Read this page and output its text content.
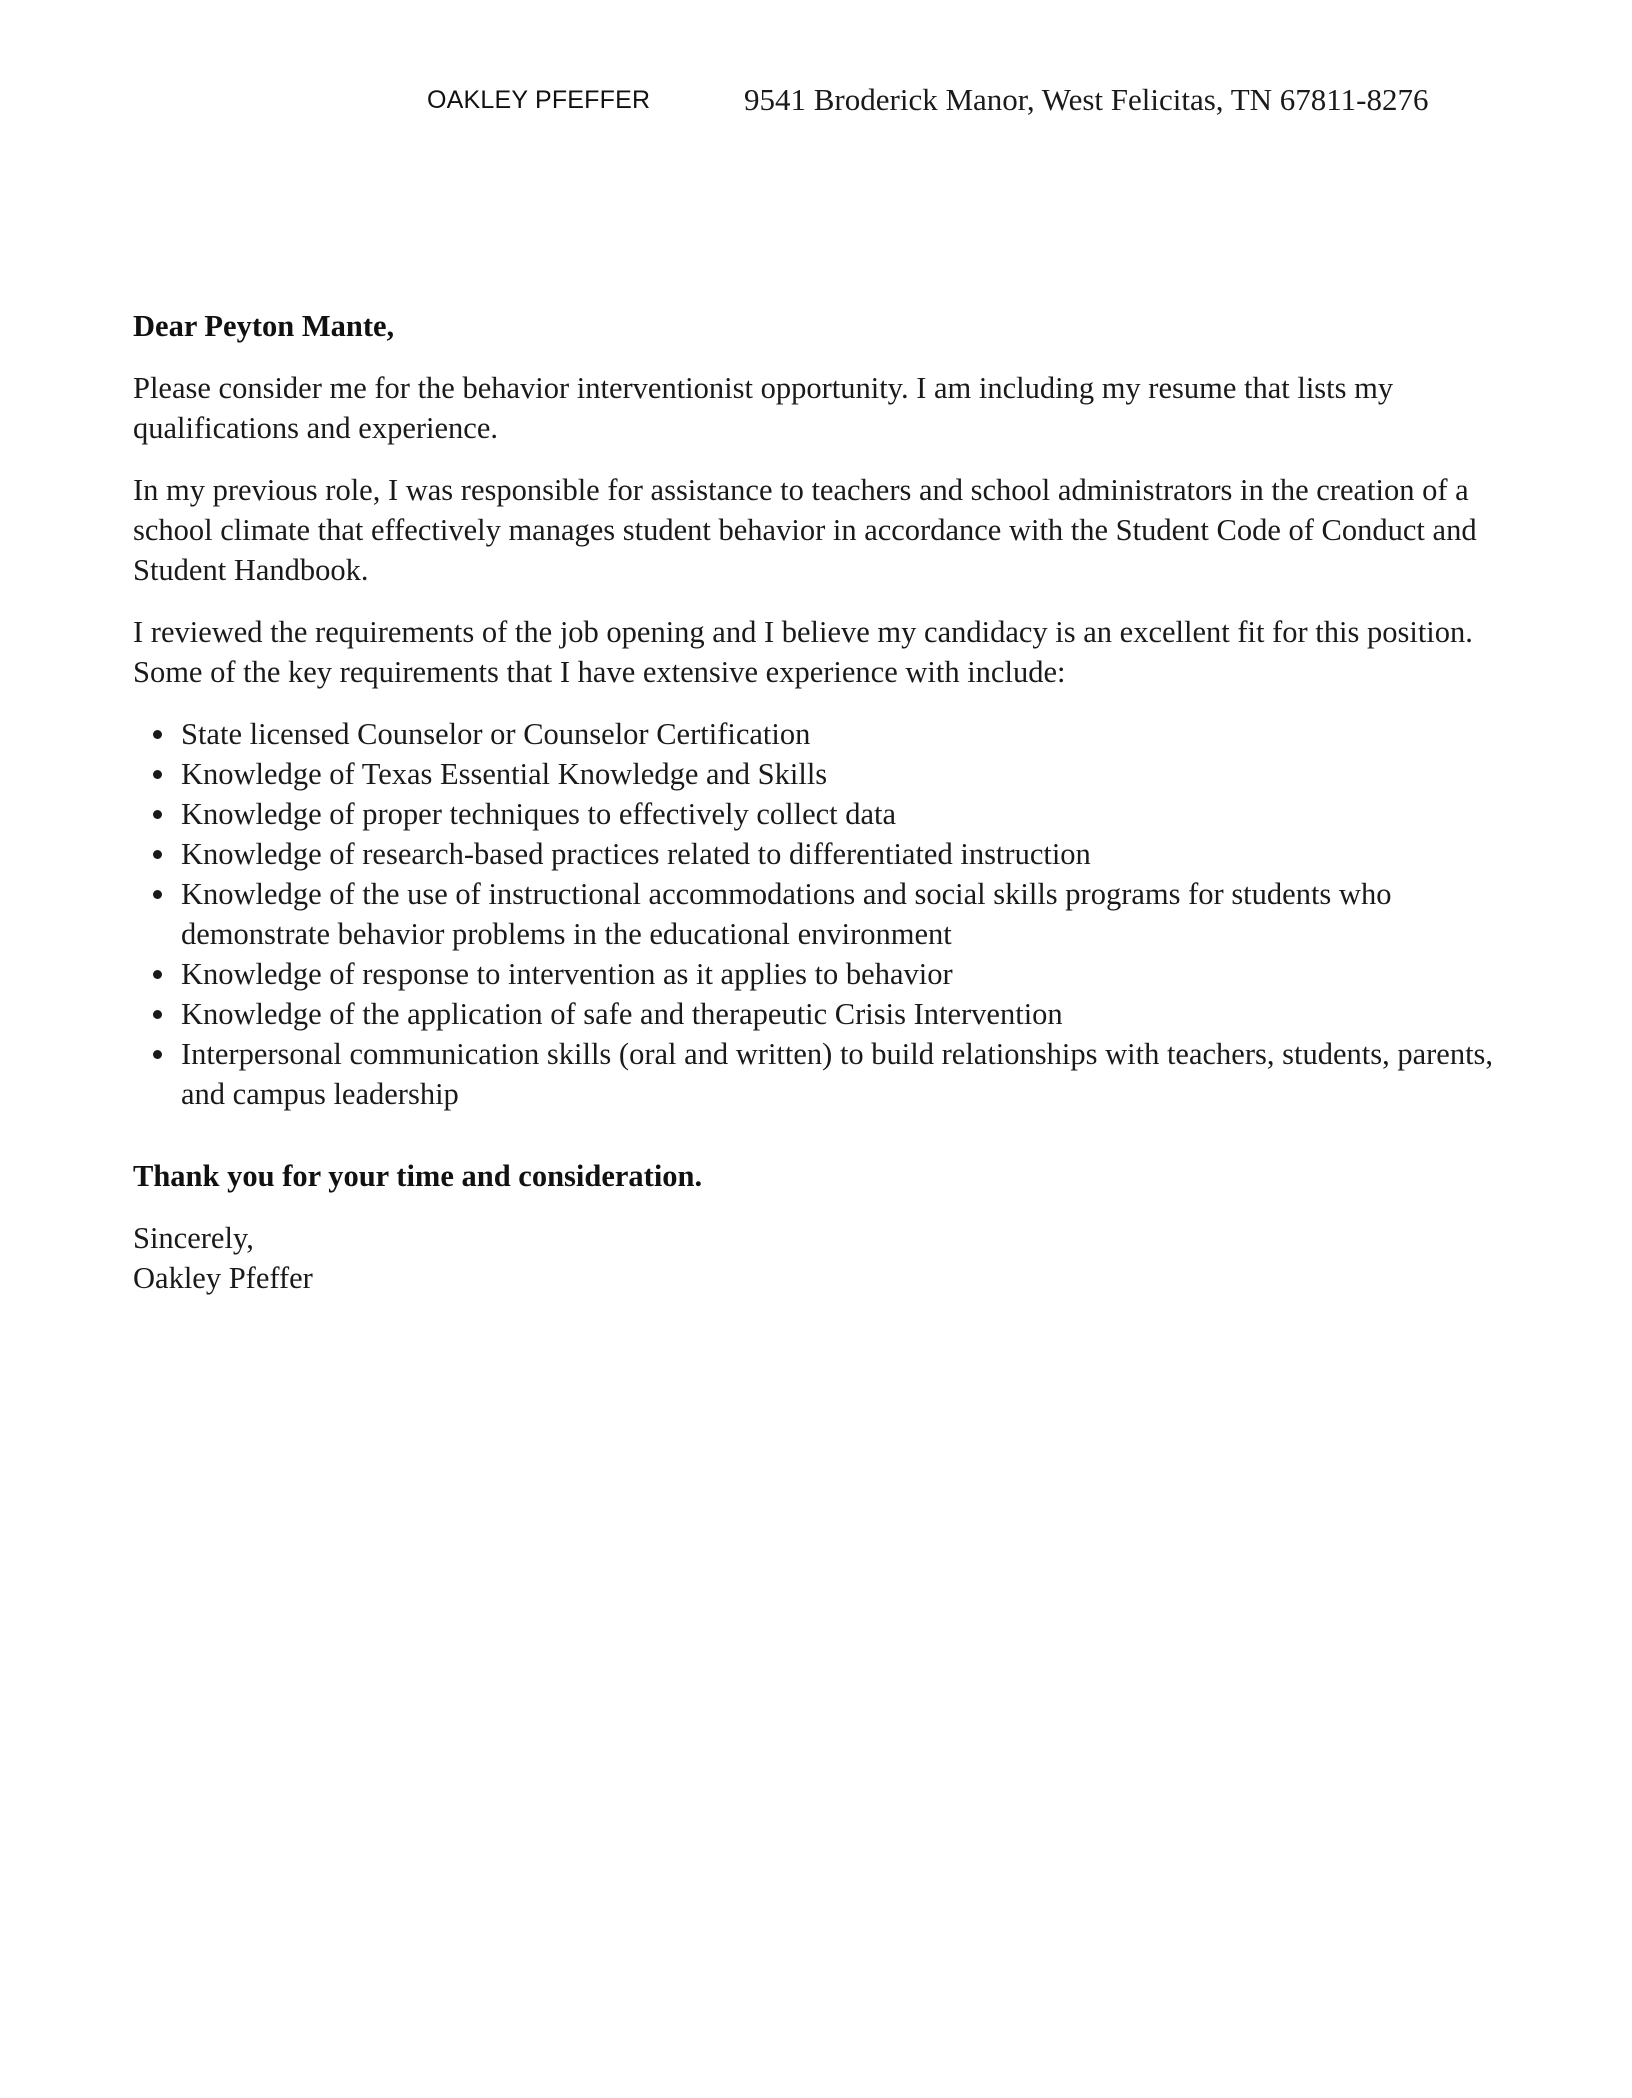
OAKLEY PFEFFER	9541 Broderick Manor, West Felicitas, TN 67811-8276

Dear Peyton Mante,

Please consider me for the behavior interventionist opportunity. I am including my resume that lists my qualifications and experience.

In my previous role, I was responsible for assistance to teachers and school administrators in the creation of a school climate that effectively manages student behavior in accordance with the Student Code of Conduct and Student Handbook.

I reviewed the requirements of the job opening and I believe my candidacy is an excellent fit for this position. Some of the key requirements that I have extensive experience with include:

State licensed Counselor or Counselor Certification
Knowledge of Texas Essential Knowledge and Skills
Knowledge of proper techniques to effectively collect data
Knowledge of research-based practices related to differentiated instruction
Knowledge of the use of instructional accommodations and social skills programs for students who demonstrate behavior problems in the educational environment
Knowledge of response to intervention as it applies to behavior
Knowledge of the application of safe and therapeutic Crisis Intervention
Interpersonal communication skills (oral and written) to build relationships with teachers, students, parents, and campus leadership

Thank you for your time and consideration.

Sincerely,
Oakley Pfeffer
